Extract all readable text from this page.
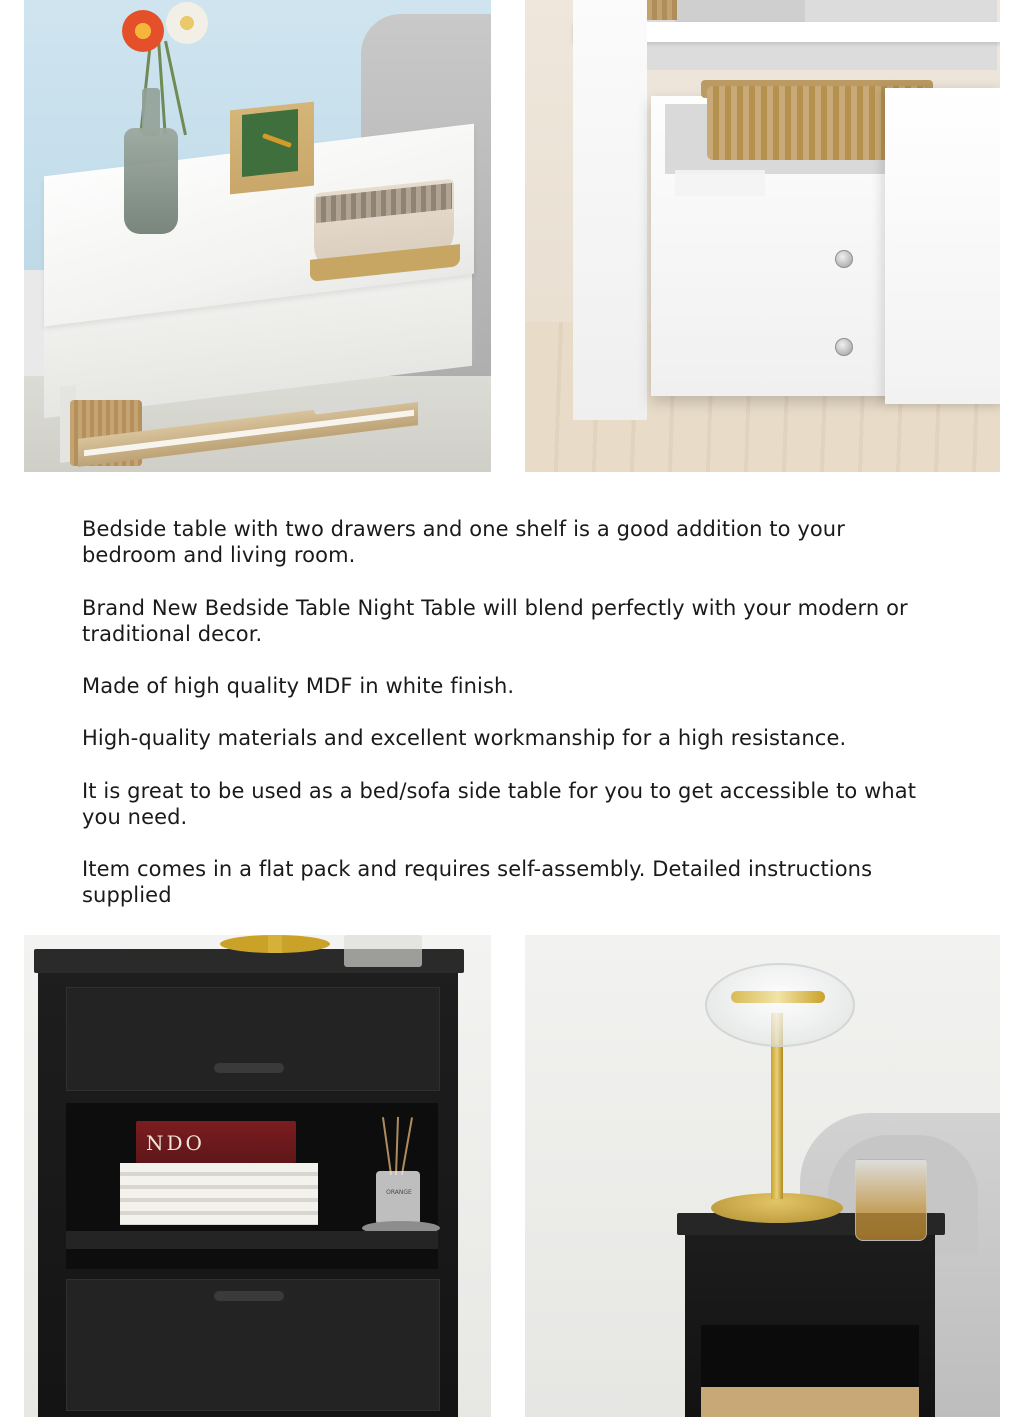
Bedside table with two drawers and one shelf is a good addition to your bedroom and living room.

Brand New Bedside Table Night Table will blend perfectly with your modern or traditional decor.

Made of high quality MDF in white finish.

High-quality materials and excellent workmanship for a high resistance.

It is great to be used as a bed/sofa side table for you to get accessible to what you need.

Item comes in a flat pack and requires self-assembly. Detailed instructions supplied

NDO
ORANGE
